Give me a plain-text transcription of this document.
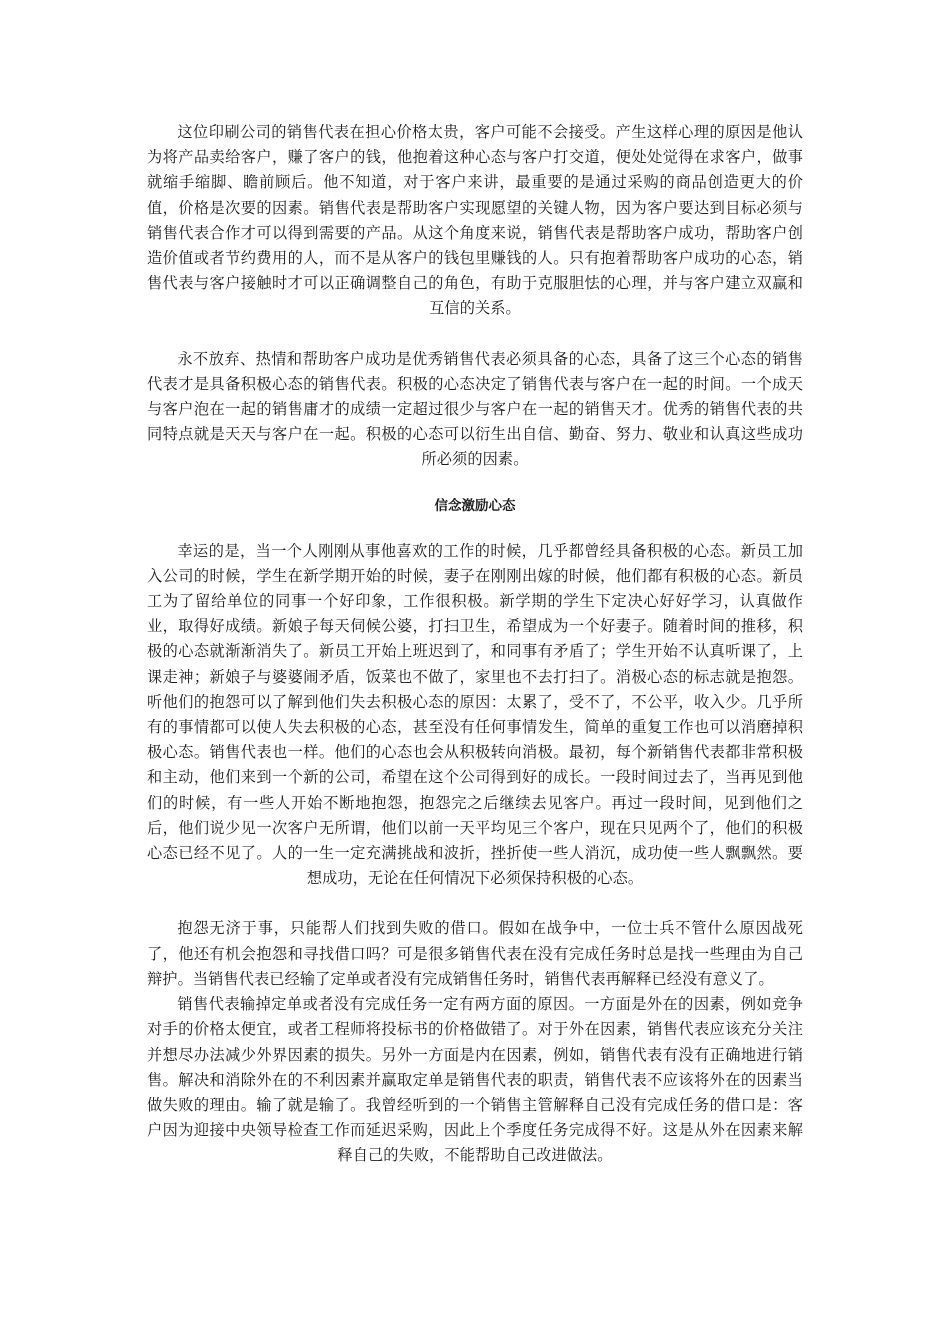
这位印刷公司的销售代表在担心价格太贵，客户可能不会接受。产生这样心理的原因是他认为将产品卖给客户，赚了客户的钱，他抱着这种心态与客户打交道，便处处觉得在求客户，做事就缩手缩脚、瞻前顾后。他不知道，对于客户来讲，最重要的是通过采购的商品创造更大的价值，价格是次要的因素。销售代表是帮助客户实现愿望的关键人物，因为客户要达到目标必须与销售代表合作才可以得到需要的产品。从这个角度来说，销售代表是帮助客户成功，帮助客户创造价值或者节约费用的人，而不是从客户的钱包里赚钱的人。只有抱着帮助客户成功的心态，销售代表与客户接触时才可以正确调整自己的角色，有助于克服胆怯的心理，并与客户建立双赢和互信的关系。

永不放弃、热情和帮助客户成功是优秀销售代表必须具备的心态，具备了这三个心态的销售代表才是具备积极心态的销售代表。积极的心态决定了销售代表与客户在一起的时间。一个成天与客户泡在一起的销售庸才的成绩一定超过很少与客户在一起的销售天才。优秀的销售代表的共同特点就是天天与客户在一起。积极的心态可以衍生出自信、勤奋、努力、敬业和认真这些成功所必须的因素。

信念激励心态

幸运的是，当一个人刚刚从事他喜欢的工作的时候，几乎都曾经具备积极的心态。新员工加入公司的时候，学生在新学期开始的时候，妻子在刚刚出嫁的时候，他们都有积极的心态。新员工为了留给单位的同事一个好印象，工作很积极。新学期的学生下定决心好好学习，认真做作业，取得好成绩。新娘子每天伺候公婆，打扫卫生，希望成为一个好妻子。随着时间的推移，积极的心态就渐渐消失了。新员工开始上班迟到了，和同事有矛盾了；学生开始不认真听课了，上课走神；新娘子与婆婆闹矛盾，饭菜也不做了，家里也不去打扫了。消极心态的标志就是抱怨。听他们的抱怨可以了解到他们失去积极心态的原因：太累了，受不了，不公平，收入少。几乎所有的事情都可以使人失去积极的心态，甚至没有任何事情发生，简单的重复工作也可以消磨掉积极心态。销售代表也一样。他们的心态也会从积极转向消极。最初，每个新销售代表都非常积极和主动，他们来到一个新的公司，希望在这个公司得到好的成长。一段时间过去了，当再见到他们的时候，有一些人开始不断地抱怨，抱怨完之后继续去见客户。再过一段时间，见到他们之后，他们说少见一次客户无所谓，他们以前一天平均见三个客户，现在只见两个了，他们的积极心态已经不见了。人的一生一定充满挑战和波折，挫折使一些人消沉，成功使一些人飘飘然。要想成功，无论在任何情况下必须保持积极的心态。

抱怨无济于事，只能帮人们找到失败的借口。假如在战争中，一位士兵不管什么原因战死了，他还有机会抱怨和寻找借口吗？可是很多销售代表在没有完成任务时总是找一些理由为自己辩护。当销售代表已经输了定单或者没有完成销售任务时，销售代表再解释已经没有意义了。

销售代表输掉定单或者没有完成任务一定有两方面的原因。一方面是外在的因素，例如竞争对手的价格太便宜，或者工程师将投标书的价格做错了。对于外在因素，销售代表应该充分关注并想尽办法减少外界因素的损失。另外一方面是内在因素，例如，销售代表有没有正确地进行销售。解决和消除外在的不利因素并赢取定单是销售代表的职责，销售代表不应该将外在的因素当做失败的理由。输了就是输了。我曾经听到的一个销售主管解释自己没有完成任务的借口是：客户因为迎接中央领导检查工作而延迟采购，因此上个季度任务完成得不好。这是从外在因素来解释自己的失败，不能帮助自己改进做法。
